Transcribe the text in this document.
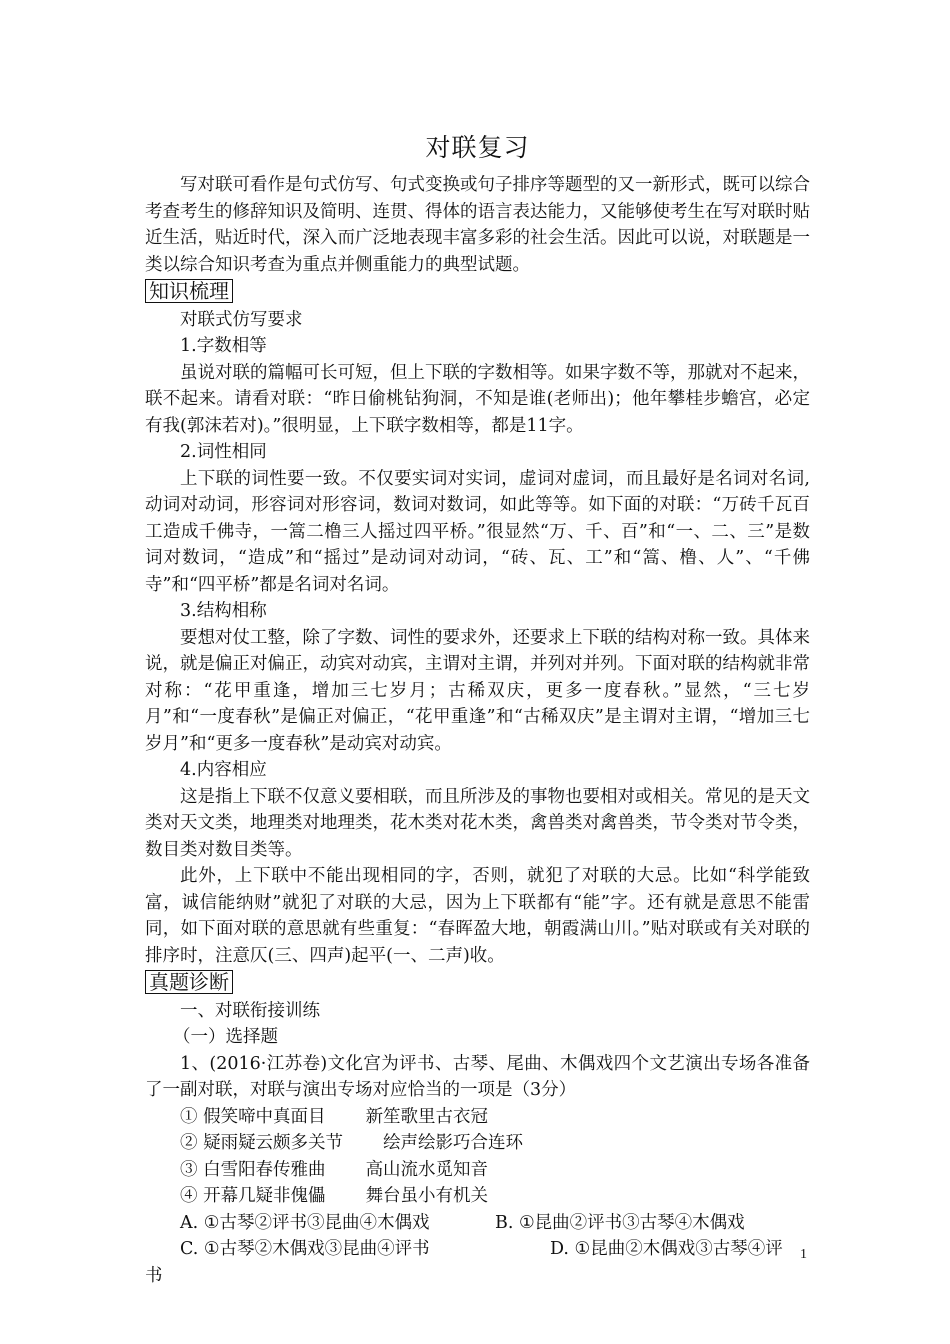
对联复习

写对联可看作是句式仿写、句式变换或句子排序等题型的又一新形式，既可以综合考查考生的修辞知识及简明、连贯、得体的语言表达能力，又能够使考生在写对联时贴近生活，贴近时代，深入而广泛地表现丰富多彩的社会生活。因此可以说，对联题是一类以综合知识考查为重点并侧重能力的典型试题。

知识梳理

对联式仿写要求

1.字数相等

虽说对联的篇幅可长可短，但上下联的字数相等。如果字数不等，那就对不起来，联不起来。请看对联：“昨日偷桃钻狗洞，不知是谁(老师出)；他年攀桂步蟾宫，必定有我(郭沫若对)。”很明显，上下联字数相等，都是11字。

2.词性相同

上下联的词性要一致。不仅要实词对实词，虚词对虚词，而且最好是名词对名词,动词对动词，形容词对形容词，数词对数词，如此等等。如下面的对联：“万砖千瓦百工造成千佛寺，一篙二橹三人摇过四平桥。”很显然“万、千、百”和“一、二、三”是数词对数词，“造成”和“摇过”是动词对动词，“砖、瓦、工”和“篙、橹、人”、“千佛寺”和“四平桥”都是名词对名词。

3.结构相称

要想对仗工整，除了字数、词性的要求外，还要求上下联的结构对称一致。具体来说，就是偏正对偏正，动宾对动宾，主谓对主谓，并列对并列。下面对联的结构就非常对称：“花甲重逢，增加三七岁月；古稀双庆，更多一度春秋。”显然，“三七岁月”和“一度春秋”是偏正对偏正，“花甲重逢”和“古稀双庆”是主谓对主谓，“增加三七岁月”和“更多一度春秋”是动宾对动宾。

4.内容相应

这是指上下联不仅意义要相联，而且所涉及的事物也要相对或相关。常见的是天文类对天文类，地理类对地理类，花木类对花木类，禽兽类对禽兽类，节令类对节令类，数目类对数目类等。

此外，上下联中不能出现相同的字，否则，就犯了对联的大忌。比如“科学能致富，诚信能纳财”就犯了对联的大忌，因为上下联都有“能”字。还有就是意思不能雷同，如下面对联的意思就有些重复：“春晖盈大地，朝霞满山川。”贴对联或有关对联的排序时，注意仄(三、四声)起平(一、二声)收。

真题诊断

一、对联衔接训练

（一）选择题

1、(2016·江苏卷)文化宫为评书、古琴、尾曲、木偶戏四个文艺演出专场各准备了一副对联，对联与演出专场对应恰当的一项是（3分）

① 假笑啼中真面目 新笙歌里古衣冠

② 疑雨疑云颇多关节 绘声绘影巧合连环

③ 白雪阳春传雅曲 高山流水觅知音

④ 开幕几疑非傀儡 舞台虽小有机关

A. ①古琴②评书③昆曲④木偶戏	B. ①昆曲②评书③古琴④木偶戏
C. ①古琴②木偶戏③昆曲④评书	D. ①昆曲②木偶戏③古琴④评

书

1
